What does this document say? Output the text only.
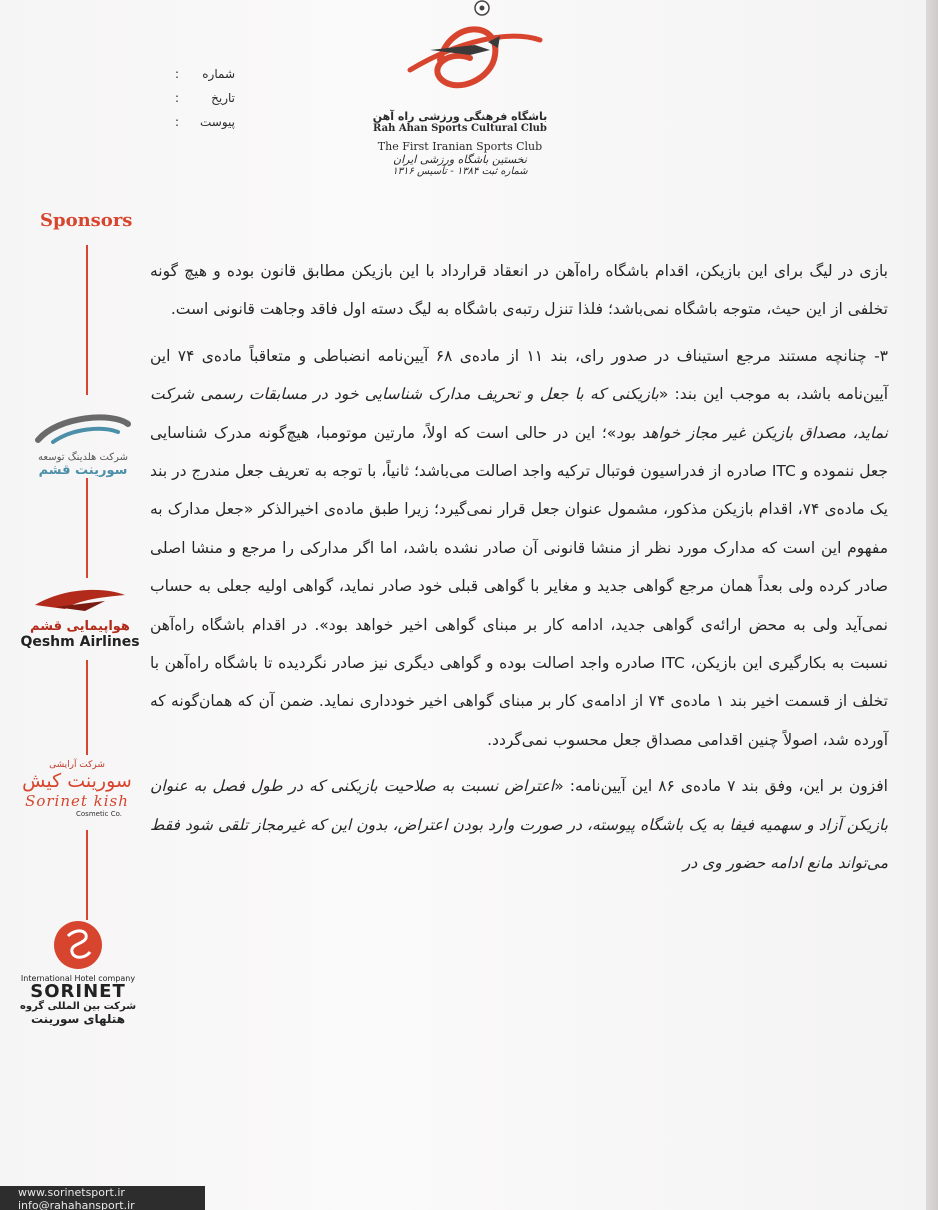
شماره
:
تاریخ
:
پیوست
:	باشگاه فرهنگی ورزشی راه آهن
Rah Ahan Sports Cultural Club
The First Iranian Sports Club
نخستین باشگاه ورزشی ایران
شماره ثبت ۱۳۸۴ - تأسیس ۱۳۱۶
Sponsors
شرکت هلدینگ توسعه
سورینت قشم
هواپیمایی قشم
Qeshm Airlines
شرکت آرایشی
سورینت کیش
Sorinet kish
Cosmetic Co.
International Hotel company
SORINET
شرکت بین المللی گروه
هتلهای سورینت
www.sorinetsport.ir
info@rahahansport.ir

بازی در لیگ برای این بازیکن، اقدام باشگاه راه‌آهن در انعقاد قرارداد با این بازیکن مطابق قانون بوده و هیچ گونه تخلفی از این حیث، متوجه باشگاه نمی‌باشد؛ فلذا تنزل رتبه‌ی باشگاه به لیگ دسته اول فاقد وجاهت قانونی است.

۳- چنانچه مستند مرجع استیناف در صدور رای، بند ۱۱ از ماده‌ی ۶۸ آیین‌نامه انضباطی و متعاقباً ماده‌ی ۷۴ این آیین‌نامه باشد، به موجب این بند: «بازیکنی که با جعل و تحریف مدارک شناسایی خود در مسابقات رسمی شرکت نماید، مصداق بازیکن غیر مجاز خواهد بود»؛ این در حالی است که اولاً، مارتین موتومبا، هیچ‌گونه مدرک شناسایی جعل ننموده و ITC صادره از فدراسیون فوتبال ترکیه واجد اصالت می‌باشد؛ ثانیاً، با توجه به تعریف جعل مندرج در بند یک ماده‌ی ۷۴، اقدام بازیکن مذکور، مشمول عنوان جعل قرار نمی‌گیرد؛ زیرا طبق ماده‌ی اخیرالذکر «جعل مدارک به مفهوم این است که مدارک مورد نظر از منشا قانونی آن صادر نشده باشد، اما اگر مدارکی را مرجع و منشا اصلی صادر کرده ولی بعداً همان مرجع گواهی جدید و مغایر با گواهی قبلی خود صادر نماید، گواهی اولیه جعلی به حساب نمی‌آید ولی به محض ارائه‌ی گواهی جدید، ادامه کار بر مبنای گواهی اخیر خواهد بود». در اقدام باشگاه راه‌آهن نسبت به بکارگیری این بازیکن، ITC صادره واجد اصالت بوده و گواهی دیگری نیز صادر نگردیده تا باشگاه راه‌آهن با تخلف از قسمت اخیر بند ۱ ماده‌ی ۷۴ از ادامه‌ی کار بر مبنای گواهی اخیر خودداری نماید. ضمن آن که همان‌گونه که آورده شد، اصولاً چنین اقدامی مصداق جعل محسوب نمی‌گردد.

افزون بر این، وفق بند ۷ ماده‌ی ۸۶ این آیین‌نامه: «اعتراض نسبت به صلاحیت بازیکنی که در طول فصل به عنوان بازیکن آزاد و سهمیه فیفا به یک باشگاه پیوسته، در صورت وارد بودن اعتراض، بدون این که غیرمجاز تلقی شود فقط می‌تواند مانع ادامه حضور وی در
